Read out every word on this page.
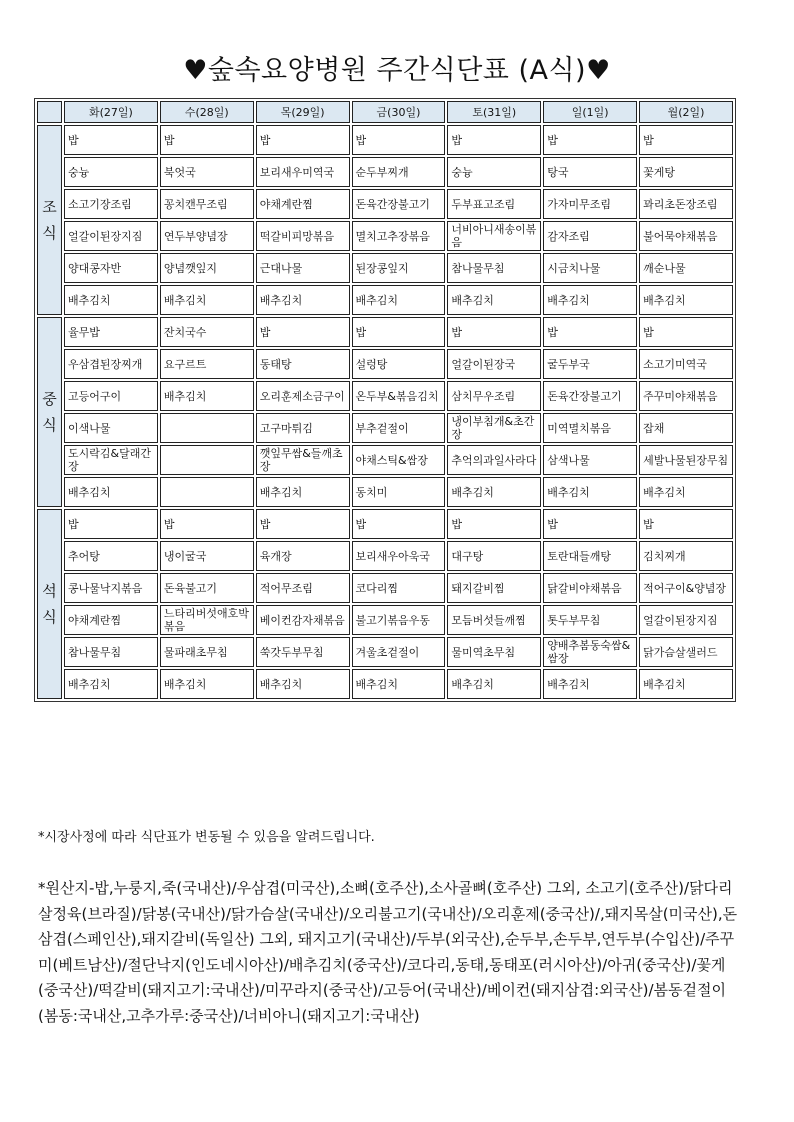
♥숲속요양병원 주간식단표 (A식)♥
	화(27일)	수(28일)	목(29일)	금(30일)	토(31일)	일(1일)	월(2일)

조
식	밥	밥	밥	밥	밥	밥	밥
	숭늉	북엇국	보리새우미역국	순두부찌개	숭늉	탕국	꽃게탕
	소고기장조림	꽁치캔무조림	야채계란찜	돈육간장불고기	두부표고조림	가자미무조림	꽈리초돈장조림
	얼갈이된장지짐	연두부양념장	떡갈비피망볶음	멸치고추장볶음	너비아니새송이볶음	감자조림	불어묵야채볶음
	양대콩자반	양념깻잎지	근대나물	된장콩잎지	참나물무침	시금치나물	깨순나물
	배추김치	배추김치	배추김치	배추김치	배추김치	배추김치	배추김치

중
식	율무밥	잔치국수	밥	밥	밥	밥	밥
	우삼겹된장찌개	요구르트	동태탕	설렁탕	얼갈이된장국	굴두부국	소고기미역국
	고등어구이	배추김치	오리훈제소금구이	온두부&볶음김치	삼치무우조림	돈육간장불고기	주꾸미야채볶음
	이색나물		고구마튀김	부추겉절이	냉이부침개&초간장	미역멸치볶음	잡채
	도시락김&달래간장		깻잎무쌈&들깨초장	야채스틱&쌈장	추억의과일사라다	삼색나물	세발나물된장무침
	배추김치		배추김치	동치미	배추김치	배추김치	배추김치

석
식	밥	밥	밥	밥	밥	밥	밥
	추어탕	냉이굴국	육개장	보리새우아욱국	대구탕	토란대들깨탕	김치찌개
	콩나물낙지볶음	돈육불고기	적어무조림	코다리찜	돼지갈비찜	닭갈비야채볶음	적어구이&양념장
	야채계란찜	느타리버섯애호박볶음	베이컨감자채볶음	불고기볶음우동	모듬버섯들깨찜	톳두부무침	얼갈이된장지짐
	참나물무침	물파래초무침	쑥갓두부무침	겨울초겉절이	물미역초무침	양배추봄동숙쌈&쌈장	닭가슴살샐러드
	배추김치	배추김치	배추김치	배추김치	배추김치	배추김치	배추김치
*시장사정에 따라 식단표가 변동될 수 있음을 알려드립니다.
*원산지-밥,누룽지,죽(국내산)/우삼겹(미국산),소뼈(호주산),소사골뼈(호주산) 그외, 소고기(호주산)/닭다리살정육(브라질)/닭봉(국내산)/닭가슴살(국내산)/오리불고기(국내산)/오리훈제(중국산)/,돼지목살(미국산),돈삼겹(스페인산),돼지갈비(독일산) 그외, 돼지고기(국내산)/두부(외국산),순두부,손두부,연두부(수입산)/주꾸미(베트남산)/절단낙지(인도네시아산)/배추김치(중국산)/코다리,동태,동태포(러시아산)/아귀(중국산)/꽃게(중국산)/떡갈비(돼지고기:국내산)/미꾸라지(중국산)/고등어(국내산)/베이컨(돼지삼겹:외국산)/봄동겉절이(봄동:국내산,고추가루:중국산)/너비아니(돼지고기:국내산)
